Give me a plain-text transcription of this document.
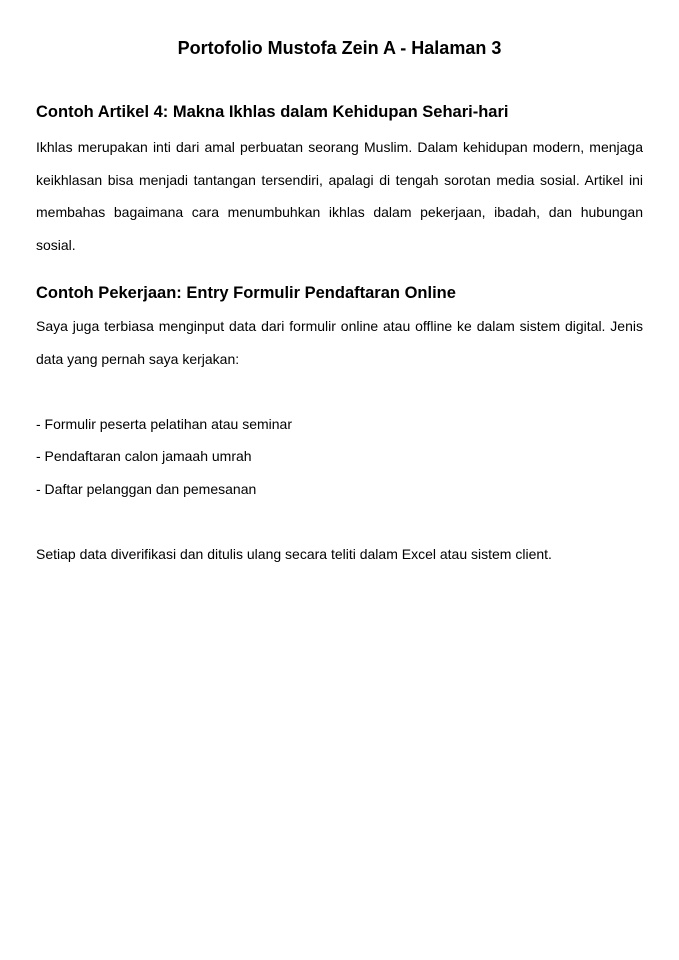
Portofolio Mustofa Zein A - Halaman 3
Contoh Artikel 4: Makna Ikhlas dalam Kehidupan Sehari-hari

Ikhlas merupakan inti dari amal perbuatan seorang Muslim. Dalam kehidupan modern, menjaga keikhlasan bisa menjadi tantangan tersendiri, apalagi di tengah sorotan media sosial. Artikel ini membahas bagaimana cara menumbuhkan ikhlas dalam pekerjaan, ibadah, dan hubungan sosial.

Contoh Pekerjaan: Entry Formulir Pendaftaran Online

Saya juga terbiasa menginput data dari formulir online atau offline ke dalam sistem digital. Jenis data yang pernah saya kerjakan:

- Formulir peserta pelatihan atau seminar

- Pendaftaran calon jamaah umrah

- Daftar pelanggan dan pemesanan

Setiap data diverifikasi dan ditulis ulang secara teliti dalam Excel atau sistem client.
